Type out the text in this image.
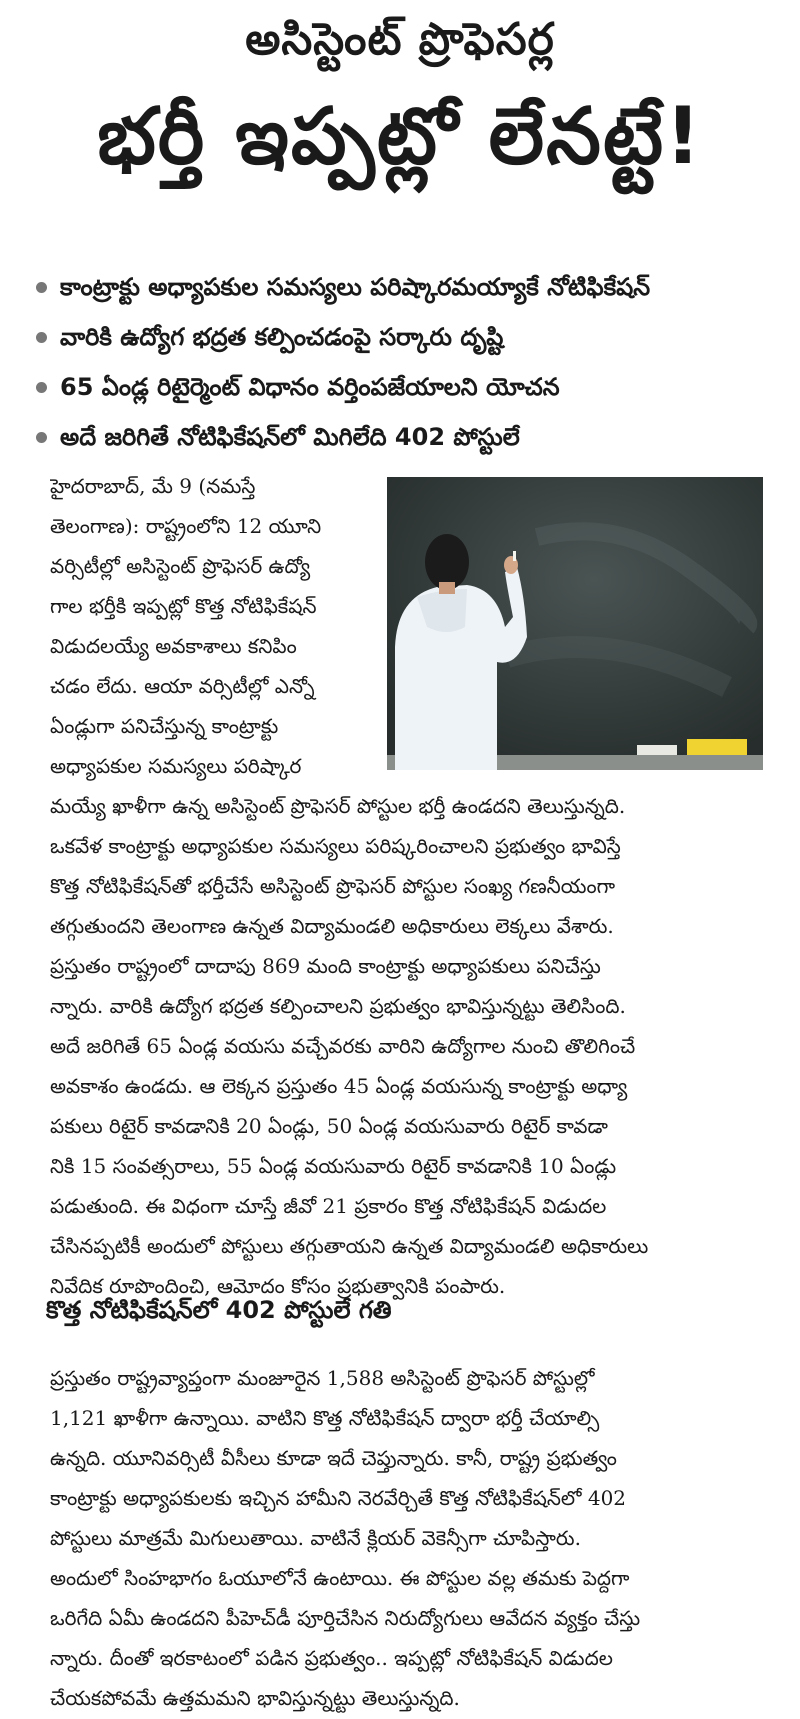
అసిస్టెంట్ ప్రొఫెసర్ల
భర్తీ ఇప్పట్లో లేనట్టే!
కాంట్రాక్టు అధ్యాపకుల సమస్యలు పరిష్కారమయ్యాకే నోటిఫికేషన్
వారికి ఉద్యోగ భద్రత కల్పించడంపై సర్కారు దృష్టి
65 ఏండ్ల రిటైర్మెంట్ విధానం వర్తింపజేయాలని యోచన
అదే జరిగితే నోటిఫికేషన్‌లో మిగిలేది 402 పోస్టులే
హైదరాబాద్, మే 9 (నమస్తే
తెలంగాణ): రాష్ట్రంలోని 12 యూని
వర్సిటీల్లో అసిస్టెంట్ ప్రొఫెసర్ ఉద్యో
గాల భర్తీకి ఇప్పట్లో కొత్త నోటిఫికేషన్
విడుదలయ్యే అవకాశాలు కనిపిం
చడం లేదు. ఆయా వర్సిటీల్లో ఎన్నో
ఏండ్లుగా పనిచేస్తున్న కాంట్రాక్టు
అధ్యాపకుల సమస్యలు పరిష్కార
మయ్యే ఖాళీగా ఉన్న అసిస్టెంట్ ప్రొఫెసర్ పోస్టుల భర్తీ ఉండదని తెలుస్తున్నది.
ఒకవేళ కాంట్రాక్టు అధ్యాపకుల సమస్యలు పరిష్కరించాలని ప్రభుత్వం భావిస్తే
కొత్త నోటిఫికేషన్‌తో భర్తీచేసే అసిస్టెంట్ ప్రొఫెసర్ పోస్టుల సంఖ్య గణనీయంగా
తగ్గుతుందని తెలంగాణ ఉన్నత విద్యామండలి అధికారులు లెక్కలు వేశారు.
ప్రస్తుతం రాష్ట్రంలో దాదాపు 869 మంది కాంట్రాక్టు అధ్యాపకులు పనిచేస్తు
న్నారు. వారికి ఉద్యోగ భద్రత కల్పించాలని ప్రభుత్వం భావిస్తున్నట్టు తెలిసింది.
అదే జరిగితే 65 ఏండ్ల వయసు వచ్చేవరకు వారిని ఉద్యోగాల నుంచి తొలిగించే
అవకాశం ఉండదు. ఆ లెక్కన ప్రస్తుతం 45 ఏండ్ల వయసున్న కాంట్రాక్టు అధ్యా
పకులు రిటైర్ కావడానికి 20 ఏండ్లు, 50 ఏండ్ల వయసువారు రిటైర్ కావడా
నికి 15 సంవత్సరాలు, 55 ఏండ్ల వయసువారు రిటైర్ కావడానికి 10 ఏండ్లు
పడుతుంది. ఈ విధంగా చూస్తే జీవో 21 ప్రకారం కొత్త నోటిఫికేషన్ విడుదల
చేసినప్పటికీ అందులో పోస్టులు తగ్గుతాయని ఉన్నత విద్యామండలి అధికారులు
నివేదిక రూపొందించి, ఆమోదం కోసం ప్రభుత్వానికి పంపారు.
కొత్త నోటిఫికేషన్‌లో 402 పోస్టులే గతి
ప్రస్తుతం రాష్ట్రవ్యాప్తంగా మంజూరైన 1,588 అసిస్టెంట్ ప్రొఫెసర్ పోస్టుల్లో
1,121 ఖాళీగా ఉన్నాయి. వాటిని కొత్త నోటిఫికేషన్ ద్వారా భర్తీ చేయాల్సి
ఉన్నది. యూనివర్సిటీ వీసీలు కూడా ఇదే చెప్తున్నారు. కానీ, రాష్ట్ర ప్రభుత్వం
కాంట్రాక్టు అధ్యాపకులకు ఇచ్చిన హామీని నెరవేర్చితే కొత్త నోటిఫికేషన్‌లో 402
పోస్టులు మాత్రమే మిగులుతాయి. వాటినే క్లియర్ వెకెన్సీగా చూపిస్తారు.
అందులో సింహభాగం ఓయూలోనే ఉంటాయి. ఈ పోస్టుల వల్ల తమకు పెద్దగా
ఒరిగేది ఏమీ ఉండదని పీహెచ్‌డీ పూర్తిచేసిన నిరుద్యోగులు ఆవేదన వ్యక్తం చేస్తు
న్నారు. దీంతో ఇరకాటంలో పడిన ప్రభుత్వం.. ఇప్పట్లో నోటిఫికేషన్ విడుదల
చేయకపోవమే ఉత్తమమని భావిస్తున్నట్టు తెలుస్తున్నది.
